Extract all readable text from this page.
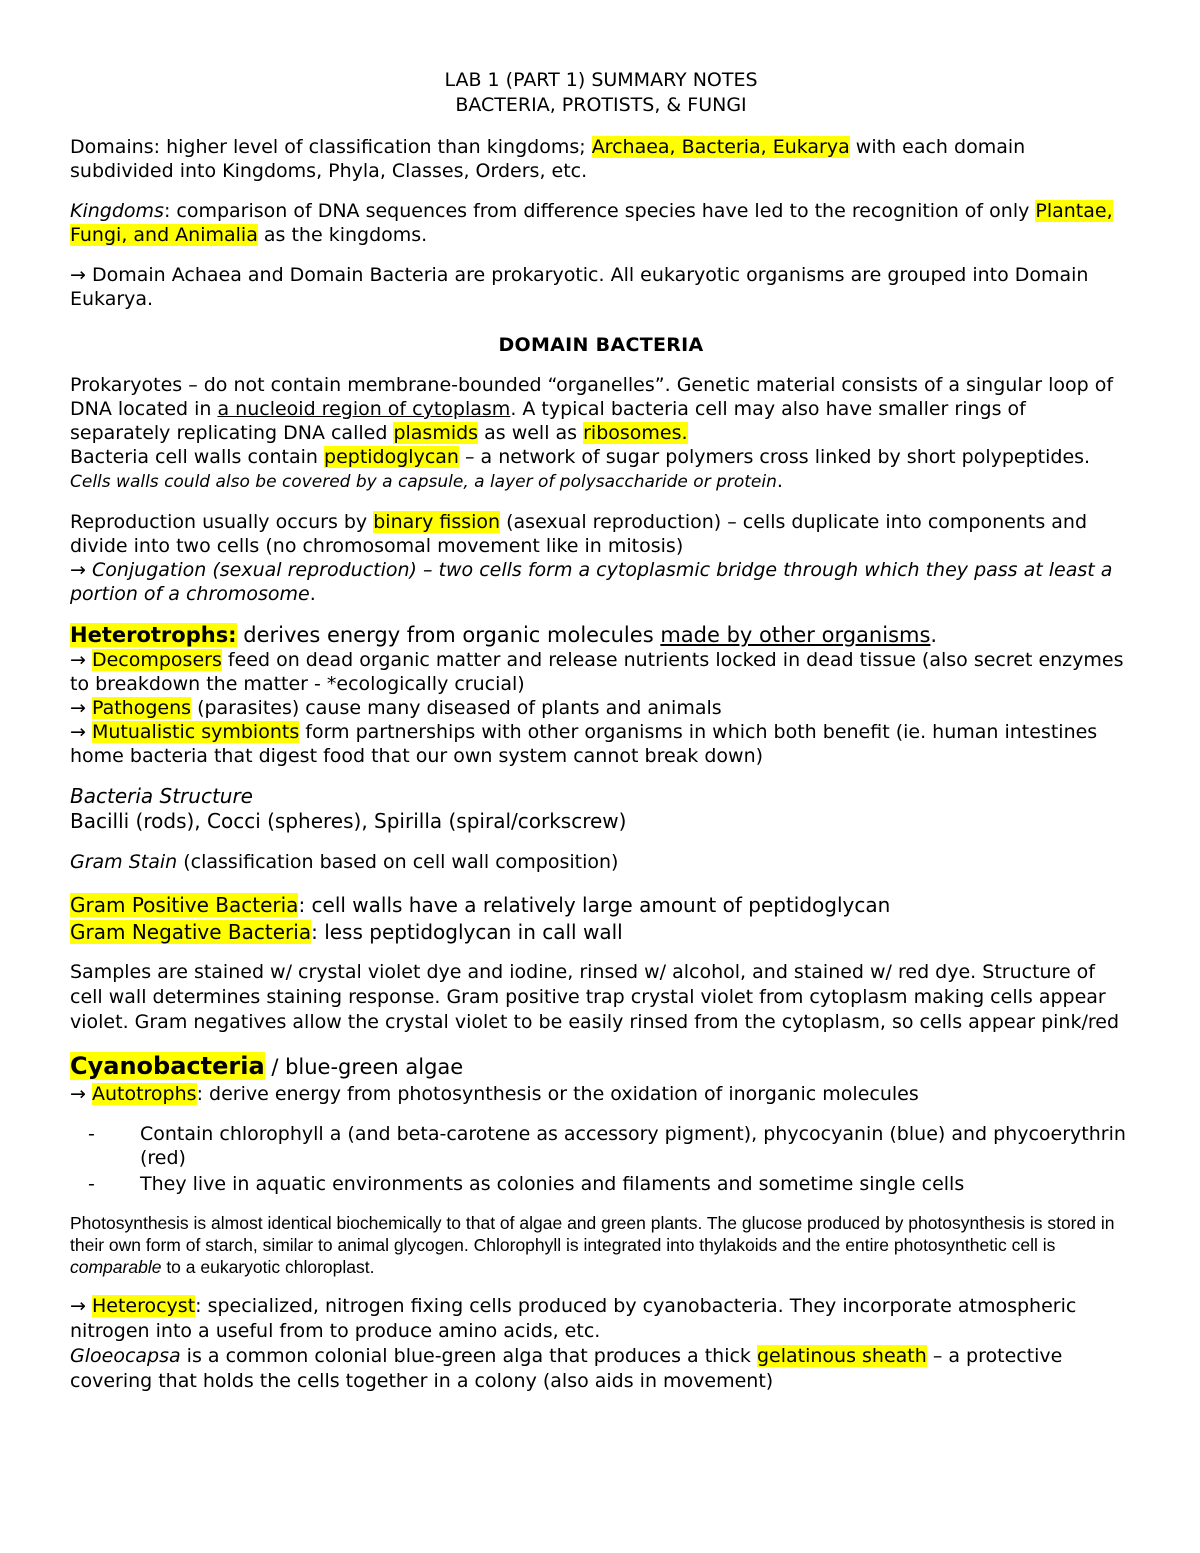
LAB 1 (PART 1) SUMMARY NOTES

BACTERIA, PROTISTS, & FUNGI

Domains: higher level of classification than kingdoms; Archaea, Bacteria, Eukarya with each domain subdivided into Kingdoms, Phyla, Classes, Orders, etc.

Kingdoms: comparison of DNA sequences from difference species have led to the recognition of only Plantae, Fungi, and Animalia as the kingdoms.

→ Domain Achaea and Domain Bacteria are prokaryotic. All eukaryotic organisms are grouped into Domain Eukarya.

DOMAIN BACTERIA

Prokaryotes – do not contain membrane-bounded “organelles”. Genetic material consists of a singular loop of DNA located in a nucleoid region of cytoplasm. A typical bacteria cell may also have smaller rings of separately replicating DNA called plasmids as well as ribosomes.
Bacteria cell walls contain peptidoglycan – a network of sugar polymers cross linked by short polypeptides.
Cells walls could also be covered by a capsule, a layer of polysaccharide or protein.

Reproduction usually occurs by binary fission (asexual reproduction) – cells duplicate into components and divide into two cells (no chromosomal movement like in mitosis)
→ Conjugation (sexual reproduction) – two cells form a cytoplasmic bridge through which they pass at least a portion of a chromosome.

Heterotrophs: derives energy from organic molecules made by other organisms.
→ Decomposers feed on dead organic matter and release nutrients locked in dead tissue (also secret enzymes to breakdown the matter - *ecologically crucial)
→ Pathogens (parasites) cause many diseased of plants and animals
→ Mutualistic symbionts form partnerships with other organisms in which both benefit (ie. human intestines home bacteria that digest food that our own system cannot break down)

Bacteria Structure

Bacilli (rods), Cocci (spheres), Spirilla (spiral/corkscrew)

Gram Stain (classification based on cell wall composition)

Gram Positive Bacteria: cell walls have a relatively large amount of peptidoglycan
Gram Negative Bacteria: less peptidoglycan in call wall

Samples are stained w/ crystal violet dye and iodine, rinsed w/ alcohol, and stained w/ red dye. Structure of cell wall determines staining response. Gram positive trap crystal violet from cytoplasm making cells appear violet. Gram negatives allow the crystal violet to be easily rinsed from the cytoplasm, so cells appear pink/red

Cyanobacteria / blue-green algae

→ Autotrophs: derive energy from photosynthesis or the oxidation of inorganic molecules

-	Contain chlorophyll a (and beta-carotene as accessory pigment), phycocyanin (blue) and phycoerythrin (red)
-	They live in aquatic environments as colonies and filaments and sometime single cells

Photosynthesis is almost identical biochemically to that of algae and green plants. The glucose produced by photosynthesis is stored in their own form of starch, similar to animal glycogen. Chlorophyll is integrated into thylakoids and the entire photosynthetic cell is comparable to a eukaryotic chloroplast.

→ Heterocyst: specialized, nitrogen fixing cells produced by cyanobacteria. They incorporate atmospheric nitrogen into a useful from to produce amino acids, etc.
Gloeocapsa is a common colonial blue-green alga that produces a thick gelatinous sheath – a protective covering that holds the cells together in a colony (also aids in movement)
